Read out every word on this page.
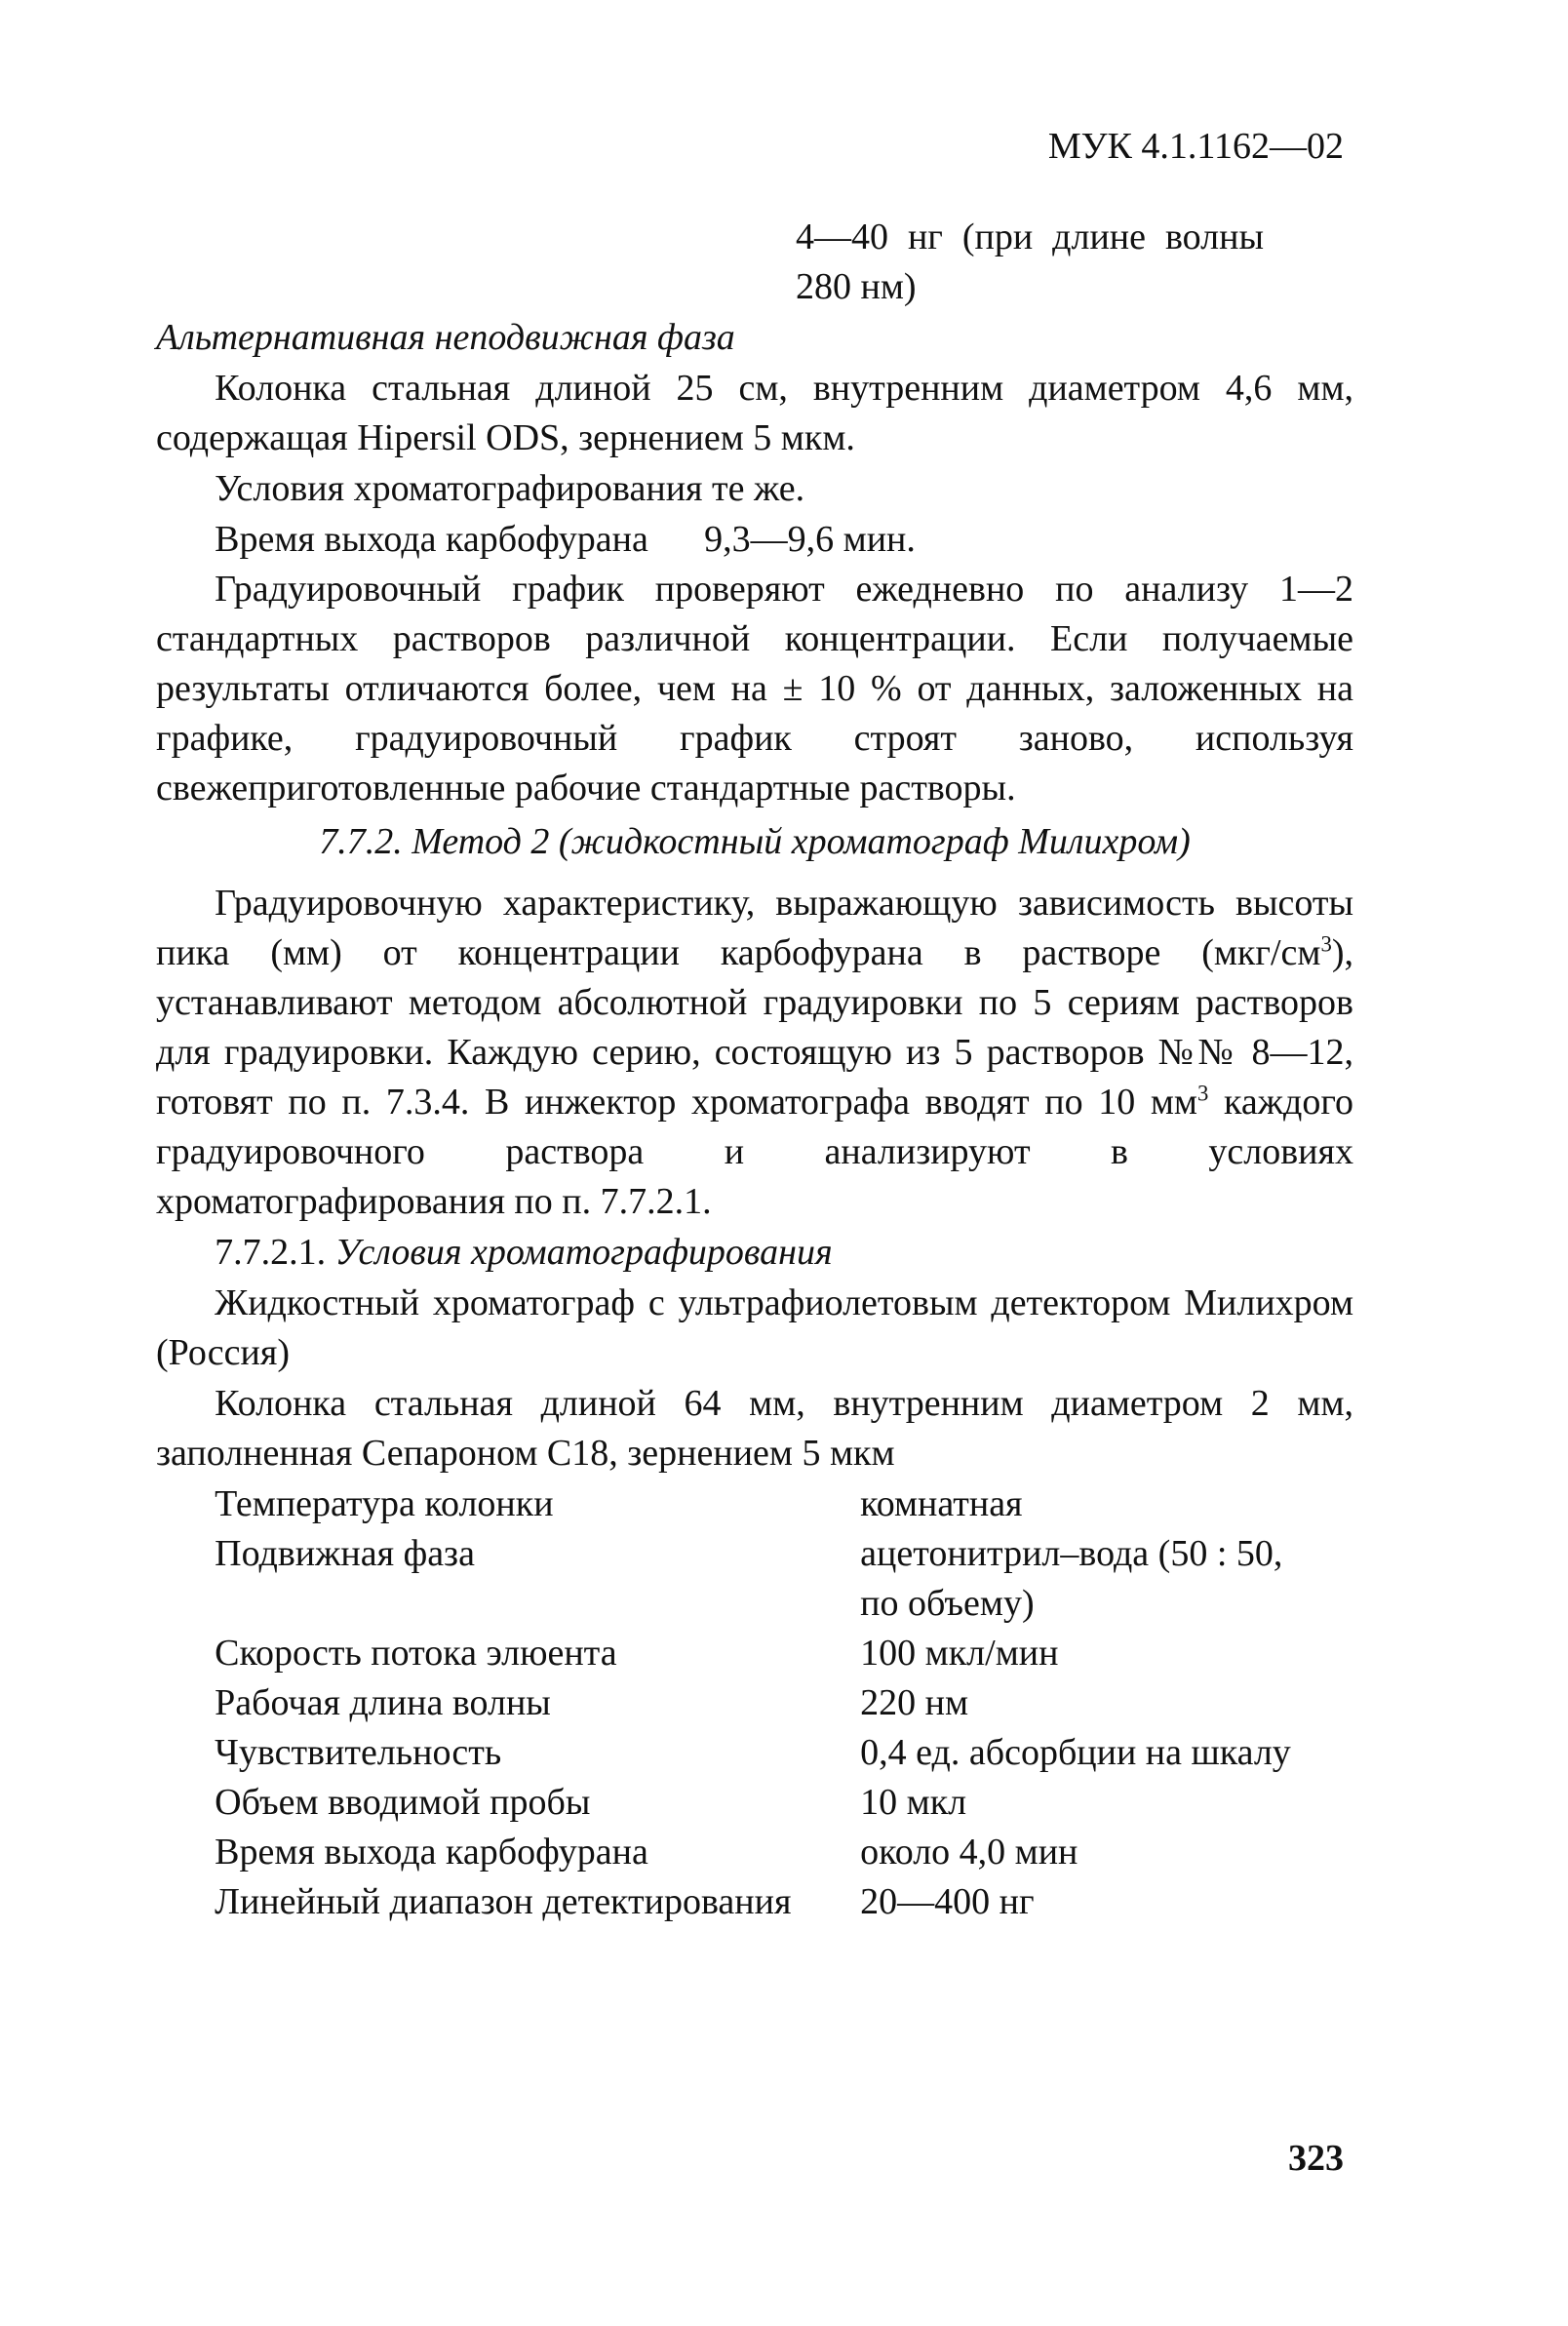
МУК 4.1.1162—02
4—40 нг (при длине волны 280 нм)
Альтернативная неподвижная фаза
Колонка стальная длиной 25 см, внутренним диаметром 4,6 мм, содержащая Hipersil ODS, зернением 5 мкм.
Условия хроматографирования те же.
Время выхода карбофурана	9,3—9,6 мин.
Градуировочный график проверяют ежедневно по анализу 1—2 стандартных растворов различной концентрации. Если получаемые результаты отличаются более, чем на ± 10 % от данных, заложенных на графике, градуировочный график строят заново, используя свежеприготовленные рабочие стандартные растворы.
7.7.2. Метод 2 (жидкостный хроматограф Милихром)
Градуировочную характеристику, выражающую зависимость высоты пика (мм) от концентрации карбофурана в растворе $(мкг/см^3)$, устанавливают методом абсолютной градуировки по 5 сериям растворов для градуировки. Каждую серию, состоящую из 5 растворов №№ 8—12, готовят по п. 7.3.4. В инжектор хроматографа вводят по 10 $мм^3$ каждого градуировочного раствора и анализируют в условиях хроматографирования по п. 7.7.2.1.
7.7.2.1. Условия хроматографирования
Жидкостный хроматограф с ультрафиолетовым детектором Милихром (Россия)
Колонка стальная длиной 64 мм, внутренним диаметром 2 мм, заполненная Сепароном С18, зернением 5 мкм
Температура колонки	комнатная
Подвижная фаза	ацетонитрил–вода (50 : 50, по объему)
Скорость потока элюента	100 мкл/мин
Рабочая длина волны	220 нм
Чувствительность	0,4 ед. абсорбции на шкалу
Объем вводимой пробы	10 мкл
Время выхода карбофурана	около 4,0 мин
Линейный диапазон детектирования	20—400 нг
323
